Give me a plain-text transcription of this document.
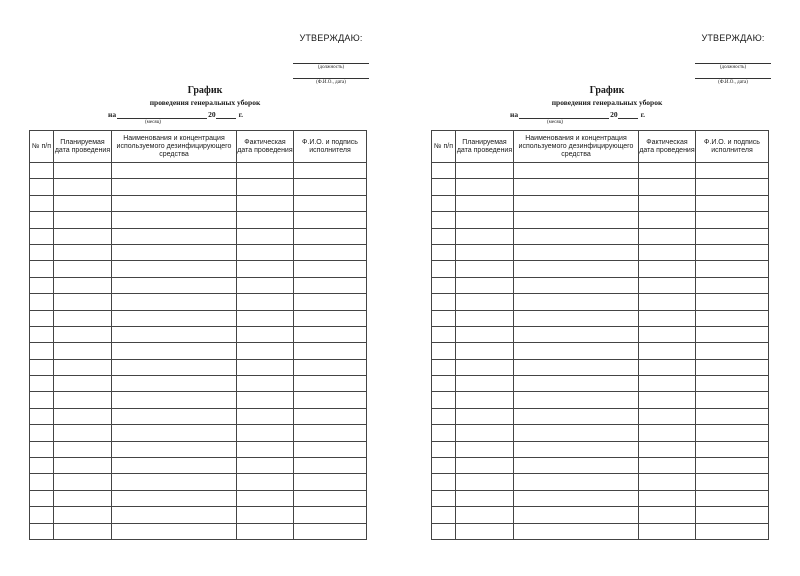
УТВЕРЖДАЮ:
(должность)
(Ф.И.О., дата)
График
проведения генеральных уборок
на	20	г.
(месяц)
№ п/п	Планируемая дата проведения	Наименования и концентрация используемого дезинфицирующего средства	Фактическая дата проведения	Ф.И.О. и подпись исполнителя

УТВЕРЖДАЮ:
(должность)
(Ф.И.О., дата)
График
проведения генеральных уборок
на	20	г.
(месяц)
№ п/п	Планируемая дата проведения	Наименования и концентрация используемого дезинфицирующего средства	Фактическая дата проведения	Ф.И.О. и подпись исполнителя
